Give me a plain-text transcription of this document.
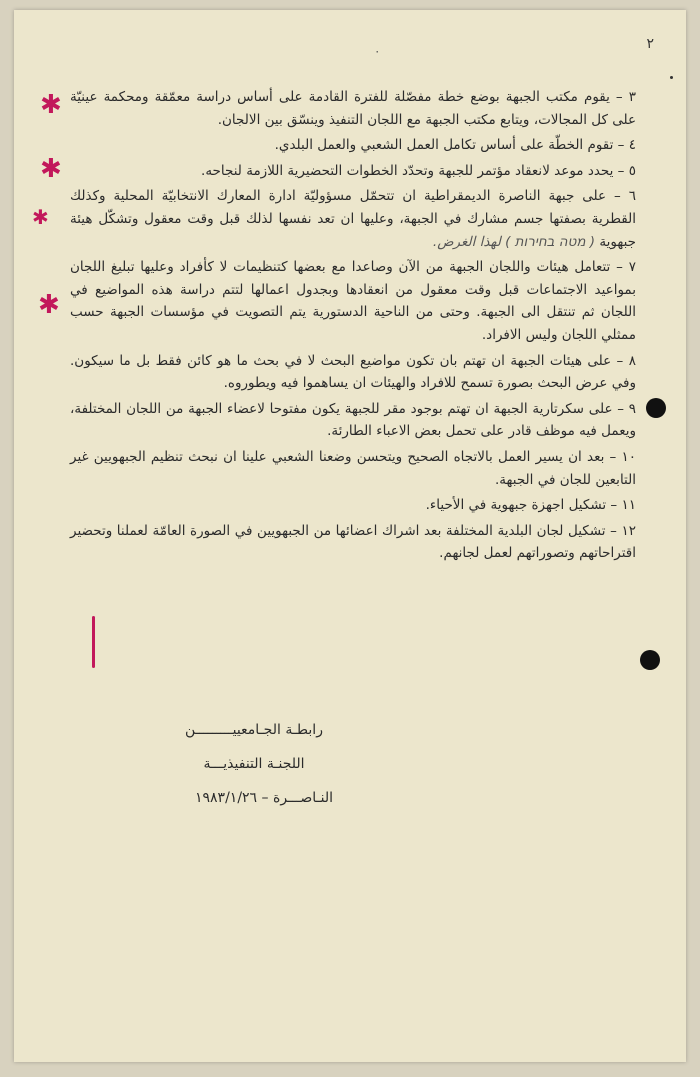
٢
٠

٣ – يقوم مكتب الجبهة بوضع خطة مفصّلة للفترة القادمة على أساس دراسة معمّقة ومحكمة عينيّة على كل المجالات، ويتابع مكتب الجبهة مع اللجان التنفيذ وينسّق بين الالجان.

٤ – تقوم الخطّة على أساس تكامل العمل الشعبي والعمل البلدي.

٥ – يحدد موعد لانعقاد مؤتمر للجبهة وتحدّد الخطوات التحضيرية اللازمة لنجاحه.

٦ – على جبهة الناصرة الديمقراطية ان تتحمّل مسؤوليّة ادارة المعارك الانتخابيّة المحلية وكذلك القطرية بصفتها جسم مشارك في الجبهة، وعليها ان تعد نفسها لذلك قبل وقت معقول وتشكّل هيئة جبهوية ( מטה בחירות ) لهذا الغرض.

٧ – تتعامل هيئات واللجان الجبهة من الآن وصاعدا مع بعضها كتنظيمات لا كأفراد وعليها تبليغ اللجان بمواعيد الاجتماعات قبل وقت معقول من انعقادها وبجدول اعمالها لتتم دراسة هذه المواضيع في اللجان ثم تنتقل الى الجبهة. وحتى من الناحية الدستورية يتم التصويت في مؤسسات الجبهة حسب ممثلي اللجان وليس الافراد.

٨ – على هيئات الجبهة ان تهتم بان تكون مواضيع البحث لا في بحث ما هو كائن فقط بل ما سيكون. وفي عرض البحث بصورة تسمح للافراد والهيئات ان يساهموا فيه ويطوروه.

٩ – على سكرتارية الجبهة ان تهتم بوجود مقر للجبهة يكون مفتوحا لاعضاء الجبهة من اللجان المختلفة، ويعمل فيه موظف قادر على تحمل بعض الاعباء الطارئة.

١٠ – بعد ان يسير العمل بالاتجاه الصحيح ويتحسن وضعنا الشعبي علينا ان نبحث تنظيم الجبهويين غير التابعين للجان في الجبهة.

١١ – تشكيل اجهزة جبهوية في الأحياء.

١٢ – تشكيل لجان البلدية المختلفة بعد اشراك اعضائها من الجبهويين في الصورة العامّة لعملنا وتحضير اقتراحاتهم وتصوراتهم لعمل لجانهم.

✱
✱
✱
✱
رابطـة الجـامعييـــــــــن
اللجنـة التنفيذيـــة
النـاصـــرة – ١٩٨٣/١/٢٦
